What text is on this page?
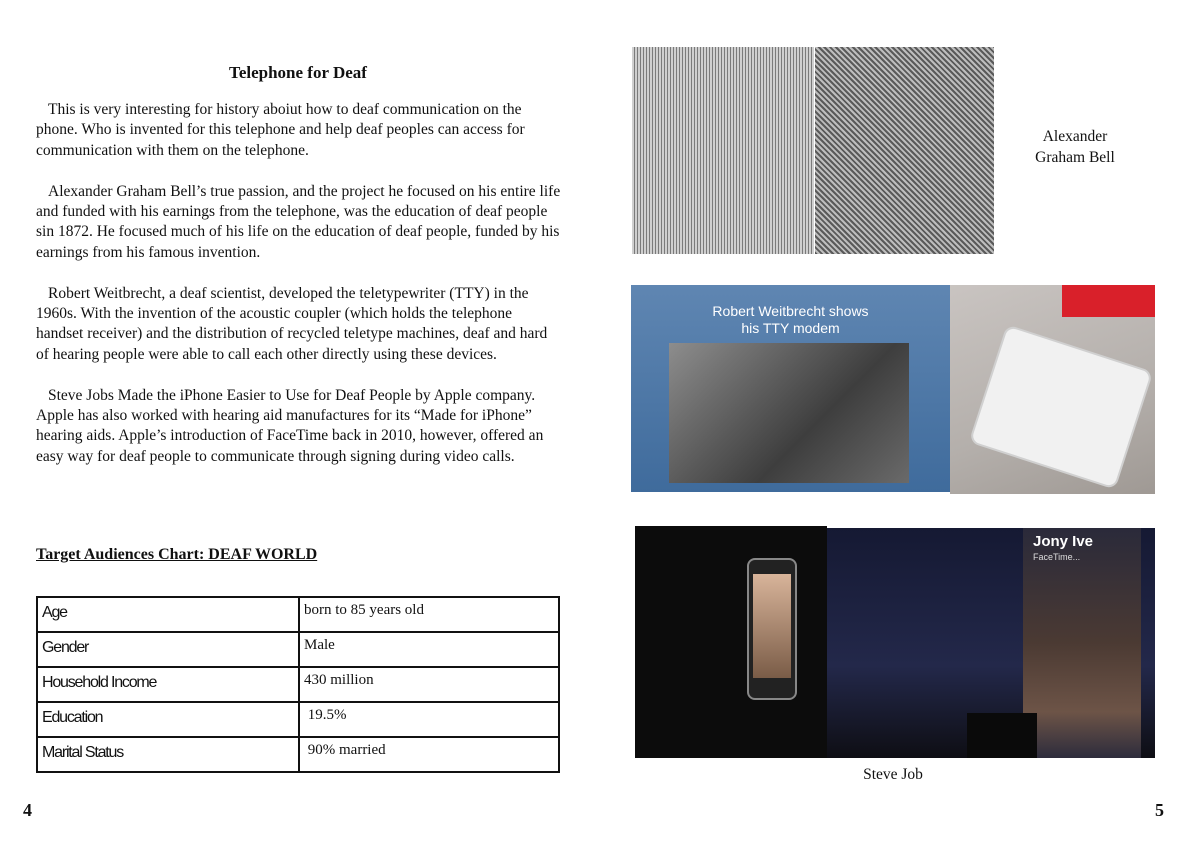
Telephone for Deaf

This is very interesting for history aboiut how to deaf communication on the phone. Who is invented for this telephone and help deaf peoples can access for communication with them on the telephone.

Alexander Graham Bell’s true passion, and the project he focused on his entire life and funded with his earnings from the telephone, was the education of deaf people sin 1872. He focused much of his life on the education of deaf people, funded by his earnings from his famous invention.

Robert Weitbrecht, a deaf scientist, developed the teletypewriter (TTY) in the 1960s. With the invention of the acoustic coupler (which holds the telephone handset receiver) and the distribution of recycled teletype machines, deaf and hard of hearing people were able to call each other directly using these devices.

Steve Jobs Made the iPhone Easier to Use for Deaf People by Apple company. Apple has also worked with hearing aid manufactures for its “Made for iPhone” hearing aids. Apple’s introduction of FaceTime back in 2010, however, offered an easy way for deaf people to communicate through signing during video calls.

Target Audiences Chart: DEAF WORLD
Age	born to 85 years old
Gender	Male
Household Income	430 million
Education	19.5%
Marital Status	90% married
4
Alexander
Graham Bell
Robert Weitbrecht shows
his TTY modem
Jony Ive
FaceTime...
Steve Job
5
